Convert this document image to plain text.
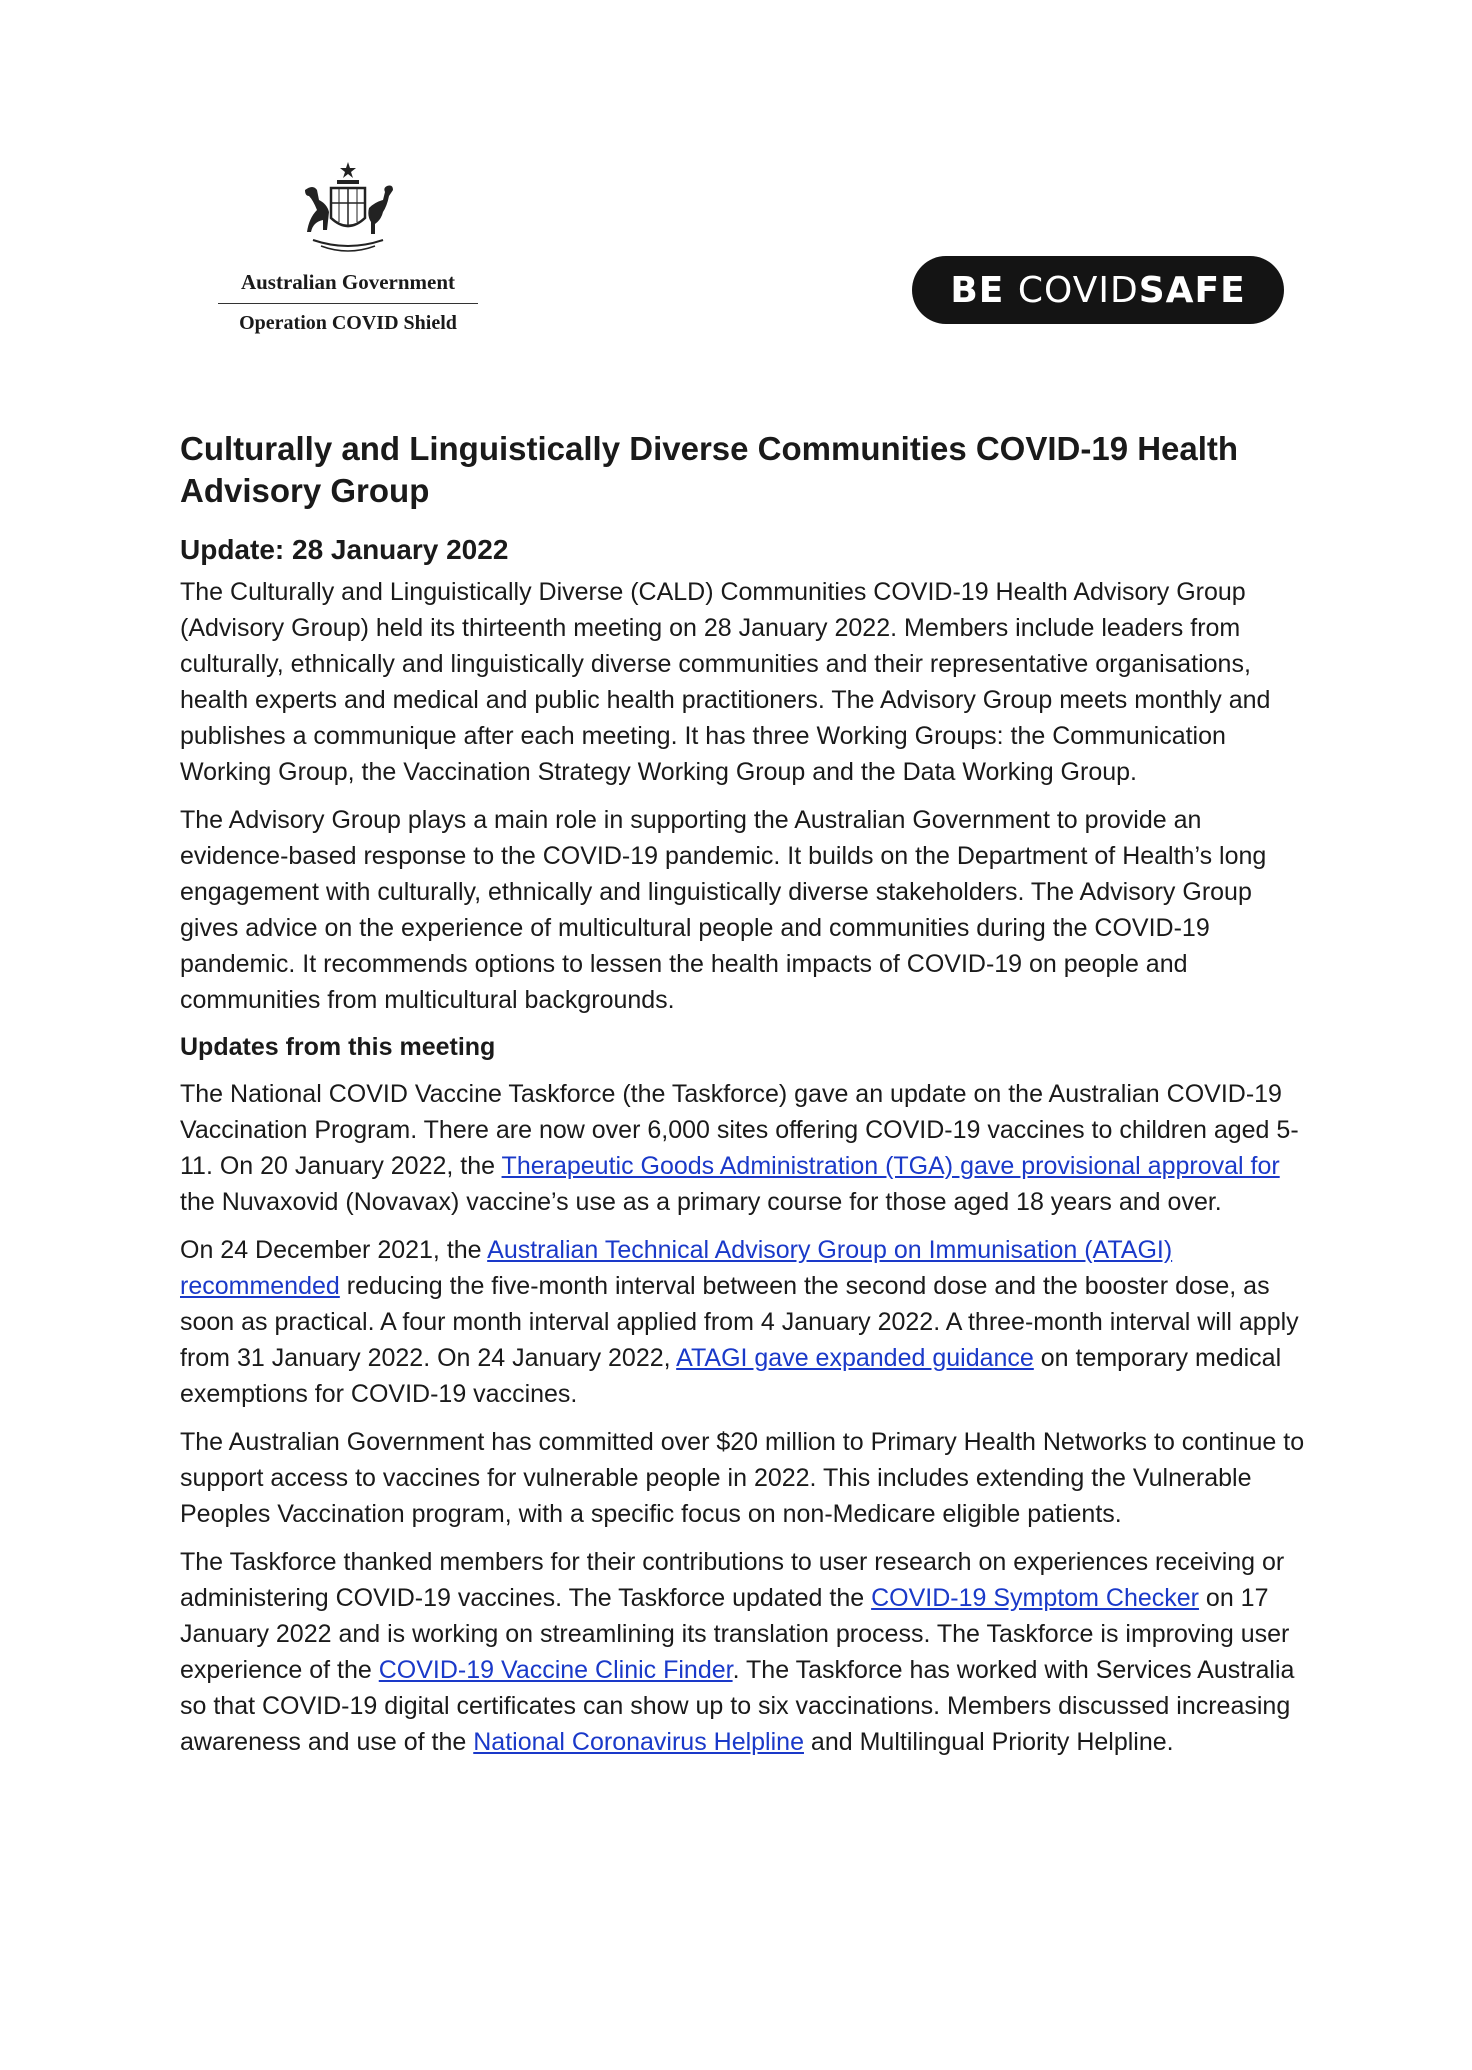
Australian Government
Operation COVID Shield
BE COVID SAFE
Culturally and Linguistically Diverse Communities COVID-19 Health Advisory Group
Update: 28 January 2022

The Culturally and Linguistically Diverse (CALD) Communities COVID-19 Health Advisory Group (Advisory Group) held its thirteenth meeting on 28 January 2022. Members include leaders from culturally, ethnically and linguistically diverse communities and their representative organisations, health experts and medical and public health practitioners. The Advisory Group meets monthly and publishes a communique after each meeting. It has three Working Groups: the Communication Working Group, the Vaccination Strategy Working Group and the Data Working Group.

The Advisory Group plays a main role in supporting the Australian Government to provide an evidence-based response to the COVID-19 pandemic. It builds on the Department of Health’s long engagement with culturally, ethnically and linguistically diverse stakeholders. The Advisory Group gives advice on the experience of multicultural people and communities during the COVID-19 pandemic. It recommends options to lessen the health impacts of COVID-19 on people and communities from multicultural backgrounds.

Updates from this meeting

The National COVID Vaccine Taskforce (the Taskforce) gave an update on the Australian COVID-19 Vaccination Program. There are now over 6,000 sites offering COVID-19 vaccines to children aged 5-11. On 20 January 2022, the Therapeutic Goods Administration (TGA) gave provisional approval for the Nuvaxovid (Novavax) vaccine’s use as a primary course for those aged 18 years and over.

On 24 December 2021, the Australian Technical Advisory Group on Immunisation (ATAGI) recommended reducing the five-month interval between the second dose and the booster dose, as soon as practical. A four month interval applied from 4 January 2022. A three-month interval will apply from 31 January 2022. On 24 January 2022, ATAGI gave expanded guidance on temporary medical exemptions for COVID-19 vaccines.

The Australian Government has committed over $20 million to Primary Health Networks to continue to support access to vaccines for vulnerable people in 2022. This includes extending the Vulnerable Peoples Vaccination program, with a specific focus on non-Medicare eligible patients.

The Taskforce thanked members for their contributions to user research on experiences receiving or administering COVID-19 vaccines. The Taskforce updated the COVID-19 Symptom Checker on 17 January 2022 and is working on streamlining its translation process. The Taskforce is improving user experience of the COVID-19 Vaccine Clinic Finder. The Taskforce has worked with Services Australia so that COVID-19 digital certificates can show up to six vaccinations. Members discussed increasing awareness and use of the National Coronavirus Helpline and Multilingual Priority Helpline.
